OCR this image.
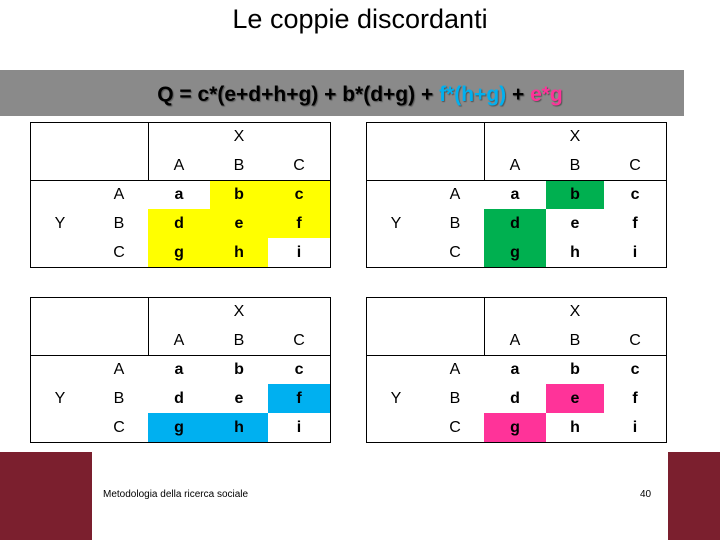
Le coppie discordanti
Q = c*(e+d+h+g) + b*(d+g) + f*(h+g) + e*g
		X		
		A	B	C
Y	A	a	b	c
	B	d	e	f
	C	g	h	i
		X		
		A	B	C
Y	A	a	b	c
	B	d	e	f
	C	g	h	i
		X		
		A	B	C
Y	A	a	b	c
	B	d	e	f
	C	g	h	i
		X		
		A	B	C
Y	A	a	b	c
	B	d	e	f
	C	g	h	i
Metodologia della ricerca sociale	40
